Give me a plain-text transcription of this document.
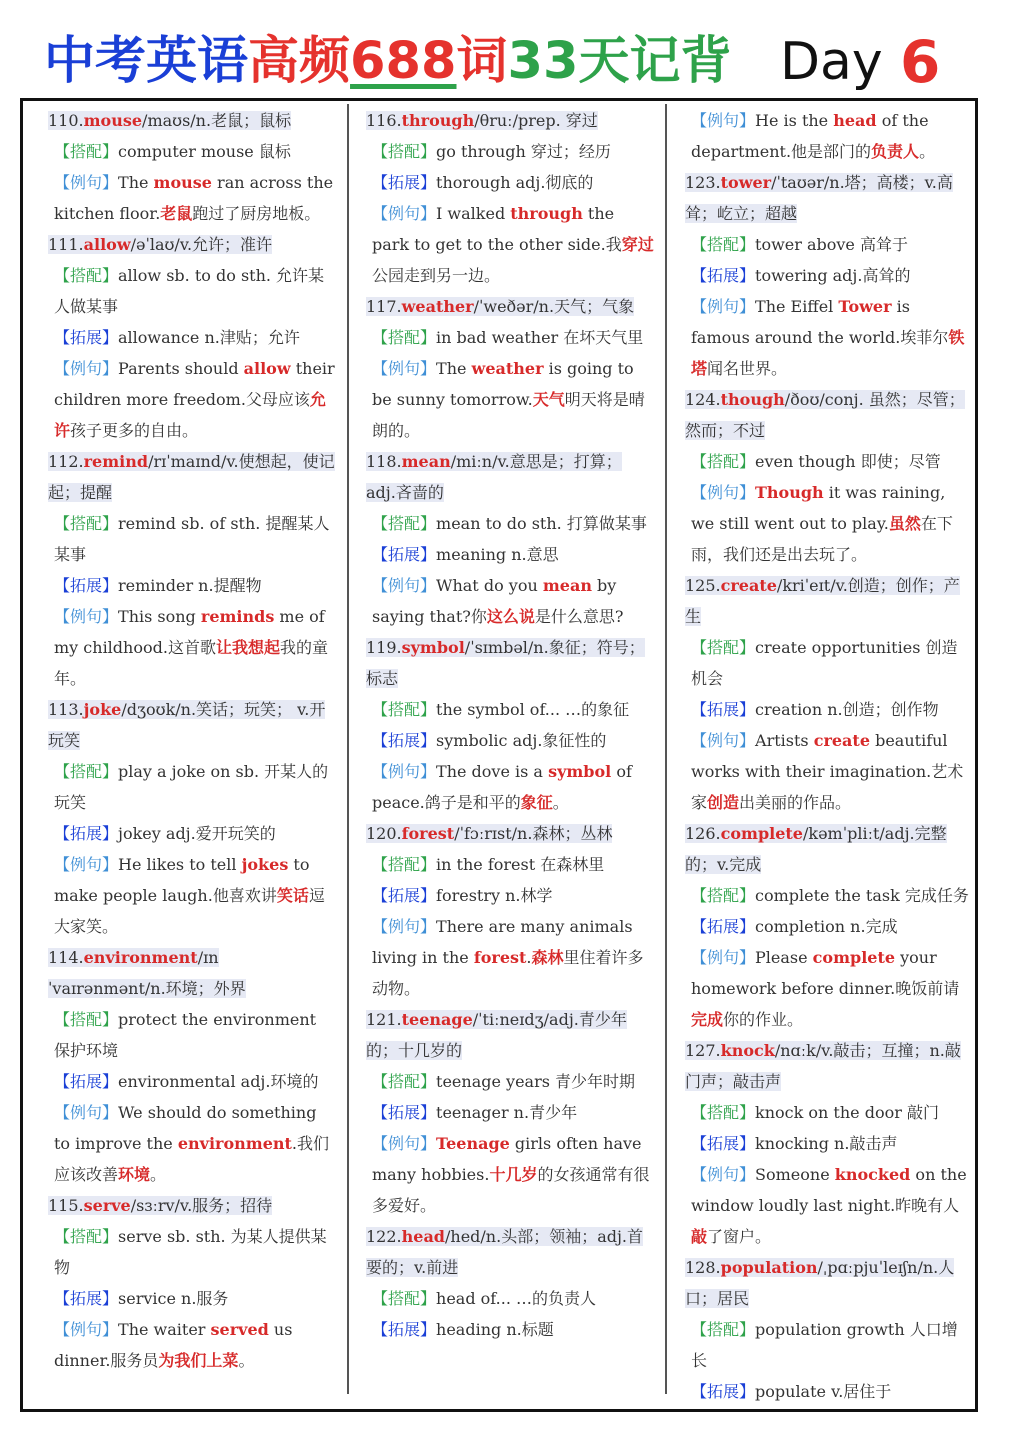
中考英语高频688词33天记背 Day 6
110.mouse/maʊs/n.老鼠；鼠标
【搭配】computer mouse 鼠标
【例句】The mouse ran across the kitchen floor.老鼠跑过了厨房地板。
111.allow/əˈlaʊ/v.允许；准许
【搭配】allow sb. to do sth. 允许某人做某事
【拓展】allowance n.津贴；允许
【例句】Parents should allow their children more freedom.父母应该允许孩子更多的自由。
112.remind/rɪˈmaɪnd/v.使想起，使记起；提醒
【搭配】remind sb. of sth. 提醒某人某事
【拓展】reminder n.提醒物
【例句】This song reminds me of my childhood.这首歌让我想起我的童年。
113.joke/dʒoʊk/n.笑话；玩笑； v.开玩笑
【搭配】play a joke on sb. 开某人的玩笑
【拓展】jokey adj.爱开玩笑的
【例句】He likes to tell jokes to make people laugh.他喜欢讲笑话逗大家笑。
114.environment/ɪnˈvaɪrənmənt/n.环境；外界
【搭配】protect the environment 保护环境
【拓展】environmental adj.环境的
【例句】We should do something to improve the environment.我们应该改善环境。
115.serve/sɜːrv/v.服务；招待
【搭配】serve sb. sth. 为某人提供某物
【拓展】service n.服务
【例句】The waiter served us dinner.服务员为我们上菜。
116.through/θruː/prep. 穿过
【搭配】go through 穿过；经历
【拓展】thorough adj.彻底的
【例句】I walked through the park to get to the other side.我穿过公园走到另一边。
117.weather/ˈweðər/n.天气；气象
【搭配】in bad weather 在坏天气里
【例句】The weather is going to be sunny tomorrow.天气明天将是晴朗的。
118.mean/miːn/v.意思是；打算； adj.吝啬的
【搭配】mean to do sth. 打算做某事
【拓展】meaning n.意思
【例句】What do you mean by saying that?你这么说是什么意思?
119.symbol/ˈsɪmbəl/n.象征；符号；标志
【搭配】the symbol of... …的象征
【拓展】symbolic adj.象征性的
【例句】The dove is a symbol of peace.鸽子是和平的象征。
120.forest/ˈfɔːrɪst/n.森林；丛林
【搭配】in the forest 在森林里
【拓展】forestry n.林学
【例句】There are many animals living in the forest.森林里住着许多动物。
121.teenage/ˈtiːneɪdʒ/adj.青少年的；十几岁的
【搭配】teenage years 青少年时期
【拓展】teenager n.青少年
【例句】Teenage girls often have many hobbies.十几岁的女孩通常有很多爱好。
122.head/hed/n.头部；领袖；adj.首要的；v.前进
【搭配】head of... …的负责人
【拓展】heading n.标题
【例句】He is the head of the department.他是部门的负责人。
123.tower/ˈtaʊər/n.塔；高楼；v.高耸；屹立；超越
【搭配】tower above 高耸于
【拓展】towering adj.高耸的
【例句】The Eiffel Tower is famous around the world.埃菲尔铁塔闻名世界。
124.though/ðoʊ/conj. 虽然；尽管；然而；不过
【搭配】even though 即使；尽管
【例句】Though it was raining, we still went out to play.虽然在下雨，我们还是出去玩了。
125.create/kriˈeɪt/v.创造；创作；产生
【搭配】create opportunities 创造机会
【拓展】creation n.创造；创作物
【例句】Artists create beautiful works with their imagination.艺术家创造出美丽的作品。
126.complete/kəmˈpliːt/adj.完整的；v.完成
【搭配】complete the task 完成任务
【拓展】completion n.完成
【例句】Please complete your homework before dinner.晚饭前请完成你的作业。
127.knock/nɑːk/v.敲击；互撞；n.敲门声；敲击声
【搭配】knock on the door 敲门
【拓展】knocking n.敲击声
【例句】Someone knocked on the window loudly last night.昨晚有人敲了窗户。
128.population/ˌpɑːpjuˈleɪʃn/n.人口；居民
【搭配】population growth 人口增长
【拓展】populate v.居住于
